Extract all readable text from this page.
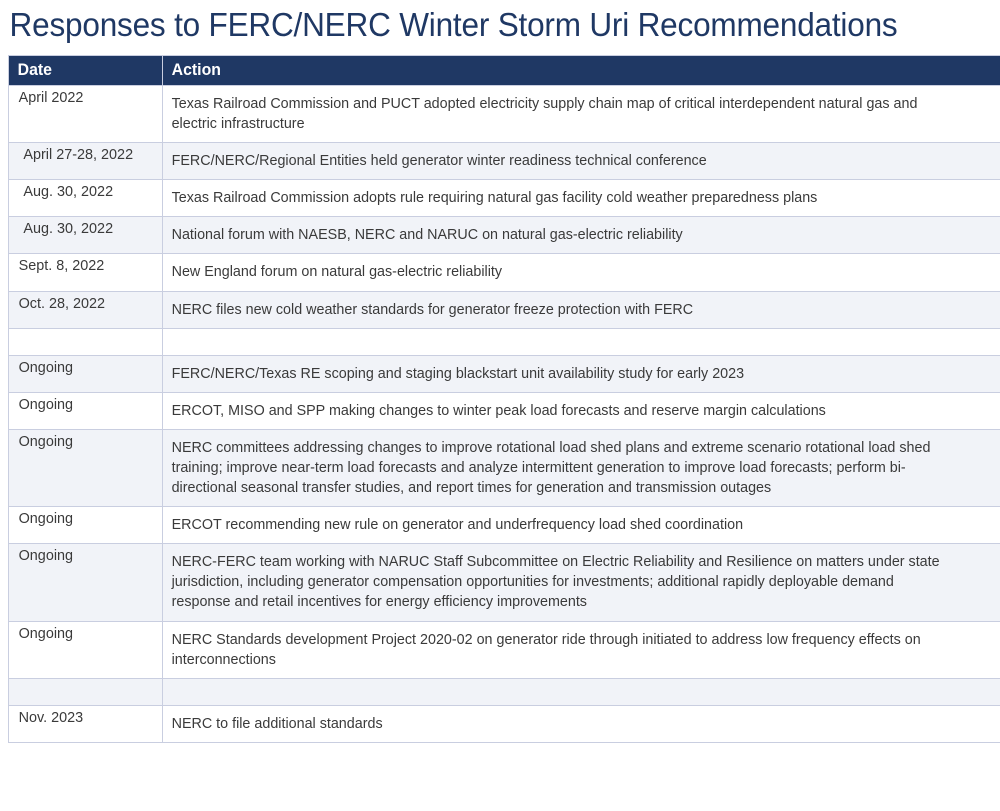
Responses to FERC/NERC Winter Storm Uri Recommendations
Date	Action

April 2022	Texas Railroad Commission and PUCT adopted electricity supply chain map of critical interdependent natural gas and electric infrastructure

April 27-28, 2022	FERC/NERC/Regional Entities held generator winter readiness technical conference

Aug. 30, 2022	Texas Railroad Commission adopts rule requiring natural gas facility cold weather preparedness plans

Aug. 30, 2022	National forum with NAESB, NERC and NARUC on natural gas-electric reliability

Sept. 8, 2022	New England forum on natural gas-electric reliability

Oct. 28, 2022	NERC files new cold weather standards for generator freeze protection with FERC

Ongoing	FERC/NERC/Texas RE scoping and staging blackstart unit availability study for early 2023

Ongoing	ERCOT, MISO and SPP making changes to winter peak load forecasts and reserve margin calculations

Ongoing	NERC committees addressing changes to improve rotational load shed plans and extreme scenario rotational load shed training; improve near-term load forecasts and analyze intermittent generation to improve load forecasts; perform bi-directional seasonal transfer studies, and report times for generation and transmission outages

Ongoing	ERCOT recommending new rule on generator and underfrequency load shed coordination

Ongoing	NERC-FERC team working with NARUC Staff Subcommittee on Electric Reliability and Resilience on matters under state jurisdiction, including generator compensation opportunities for investments; additional rapidly deployable demand response and retail incentives for energy efficiency improvements

Ongoing	NERC Standards development Project 2020-02 on generator ride through initiated to address low frequency effects on interconnections

Nov. 2023	NERC to file additional standards
